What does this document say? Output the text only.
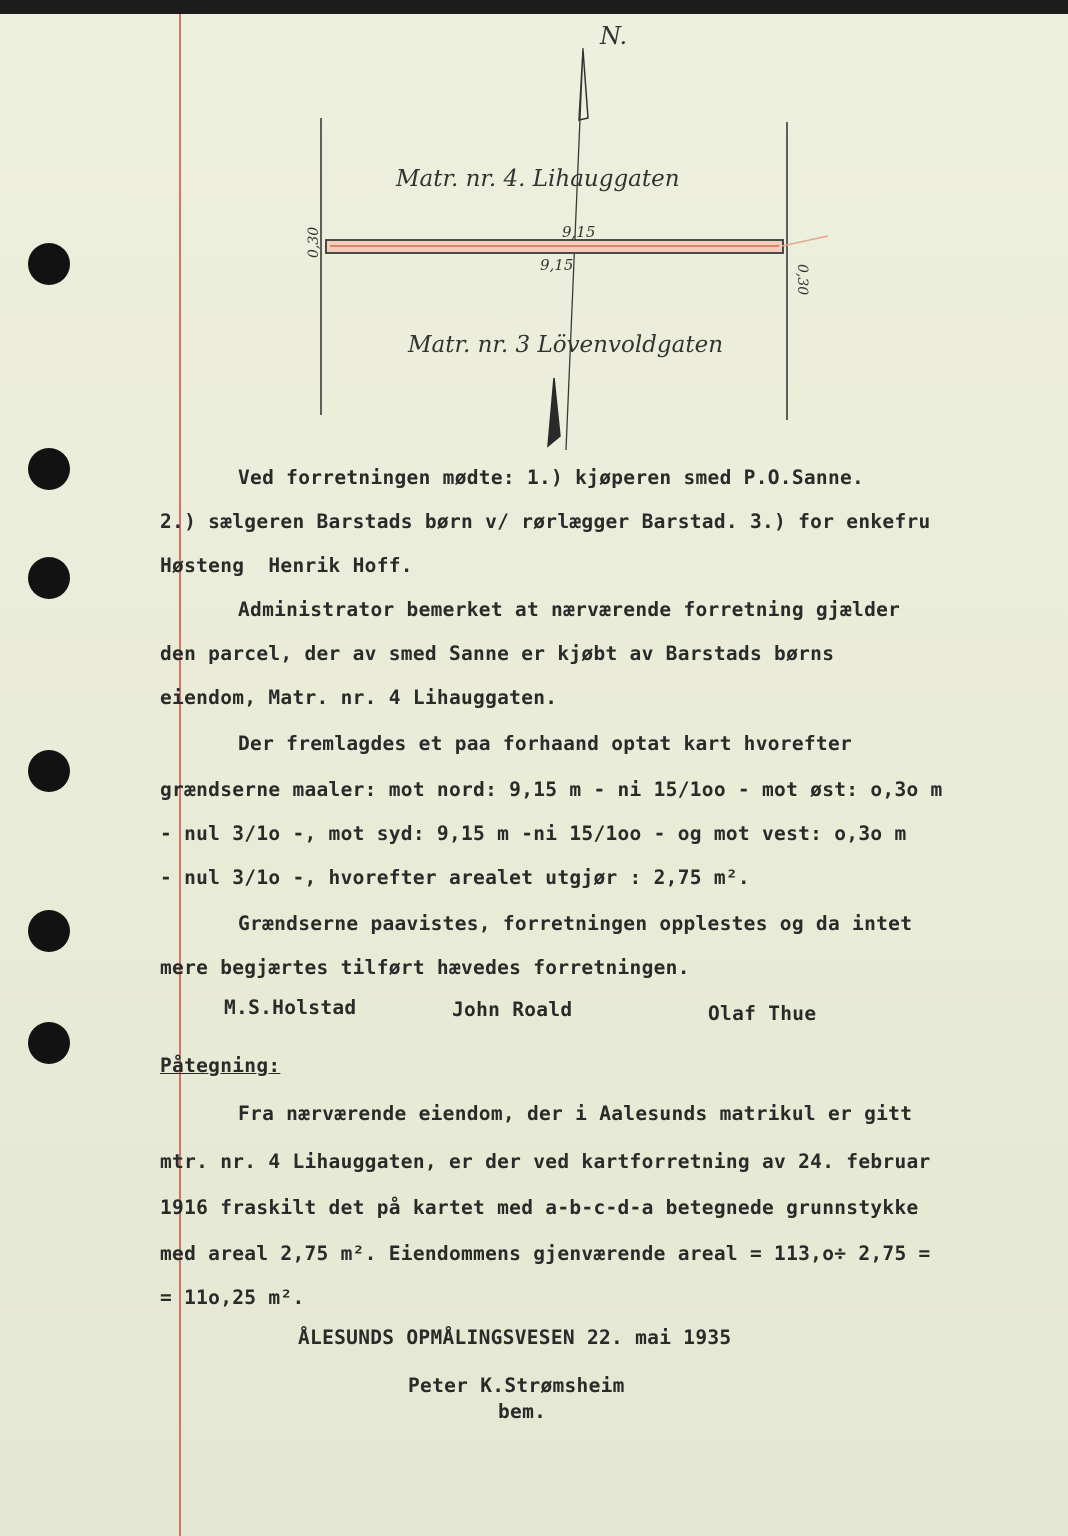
N.
Matr. nr. 4. Lihauggaten
Matr. nr. 3 Lövenvoldgaten
9,15
9,15
0,30
0,30
Ved forretningen mødte: 1.) kjøperen smed P.O.Sanne.
2.) sælgeren Barstads børn v/ rørlægger Barstad. 3.) for enkefru
Høsteng  Henrik Hoff.
Administrator bemerket at nærværende forretning gjælder
den parcel, der av smed Sanne er kjøbt av Barstads børns
eiendom, Matr. nr. 4 Lihauggaten.
Der fremlagdes et paa forhaand optat kart hvorefter
grændserne maaler: mot nord: 9,15 m - ni 15/1oo - mot øst: o,3o m
- nul 3/1o -, mot syd: 9,15 m -ni 15/1oo - og mot vest: o,3o m
- nul 3/1o -, hvorefter arealet utgjør : 2,75 m².
Grændserne paavistes, forretningen opplestes og da intet
mere begjærtes tilført hævedes forretningen.
M.S.Holstad	John Roald	Olaf Thue
Påtegning:
Fra nærværende eiendom, der i Aalesunds matrikul er gitt
mtr. nr. 4 Lihauggaten, er der ved kartforretning av 24. februar
1916 fraskilt det på kartet med a-b-c-d-a betegnede grunnstykke
med areal 2,75 m². Eiendommens gjenværende areal = 113,o÷ 2,75 =
= 11o,25 m².
ÅLESUNDS OPMÅLINGSVESEN 22. mai 1935
Peter K.Strømsheim
bem.
